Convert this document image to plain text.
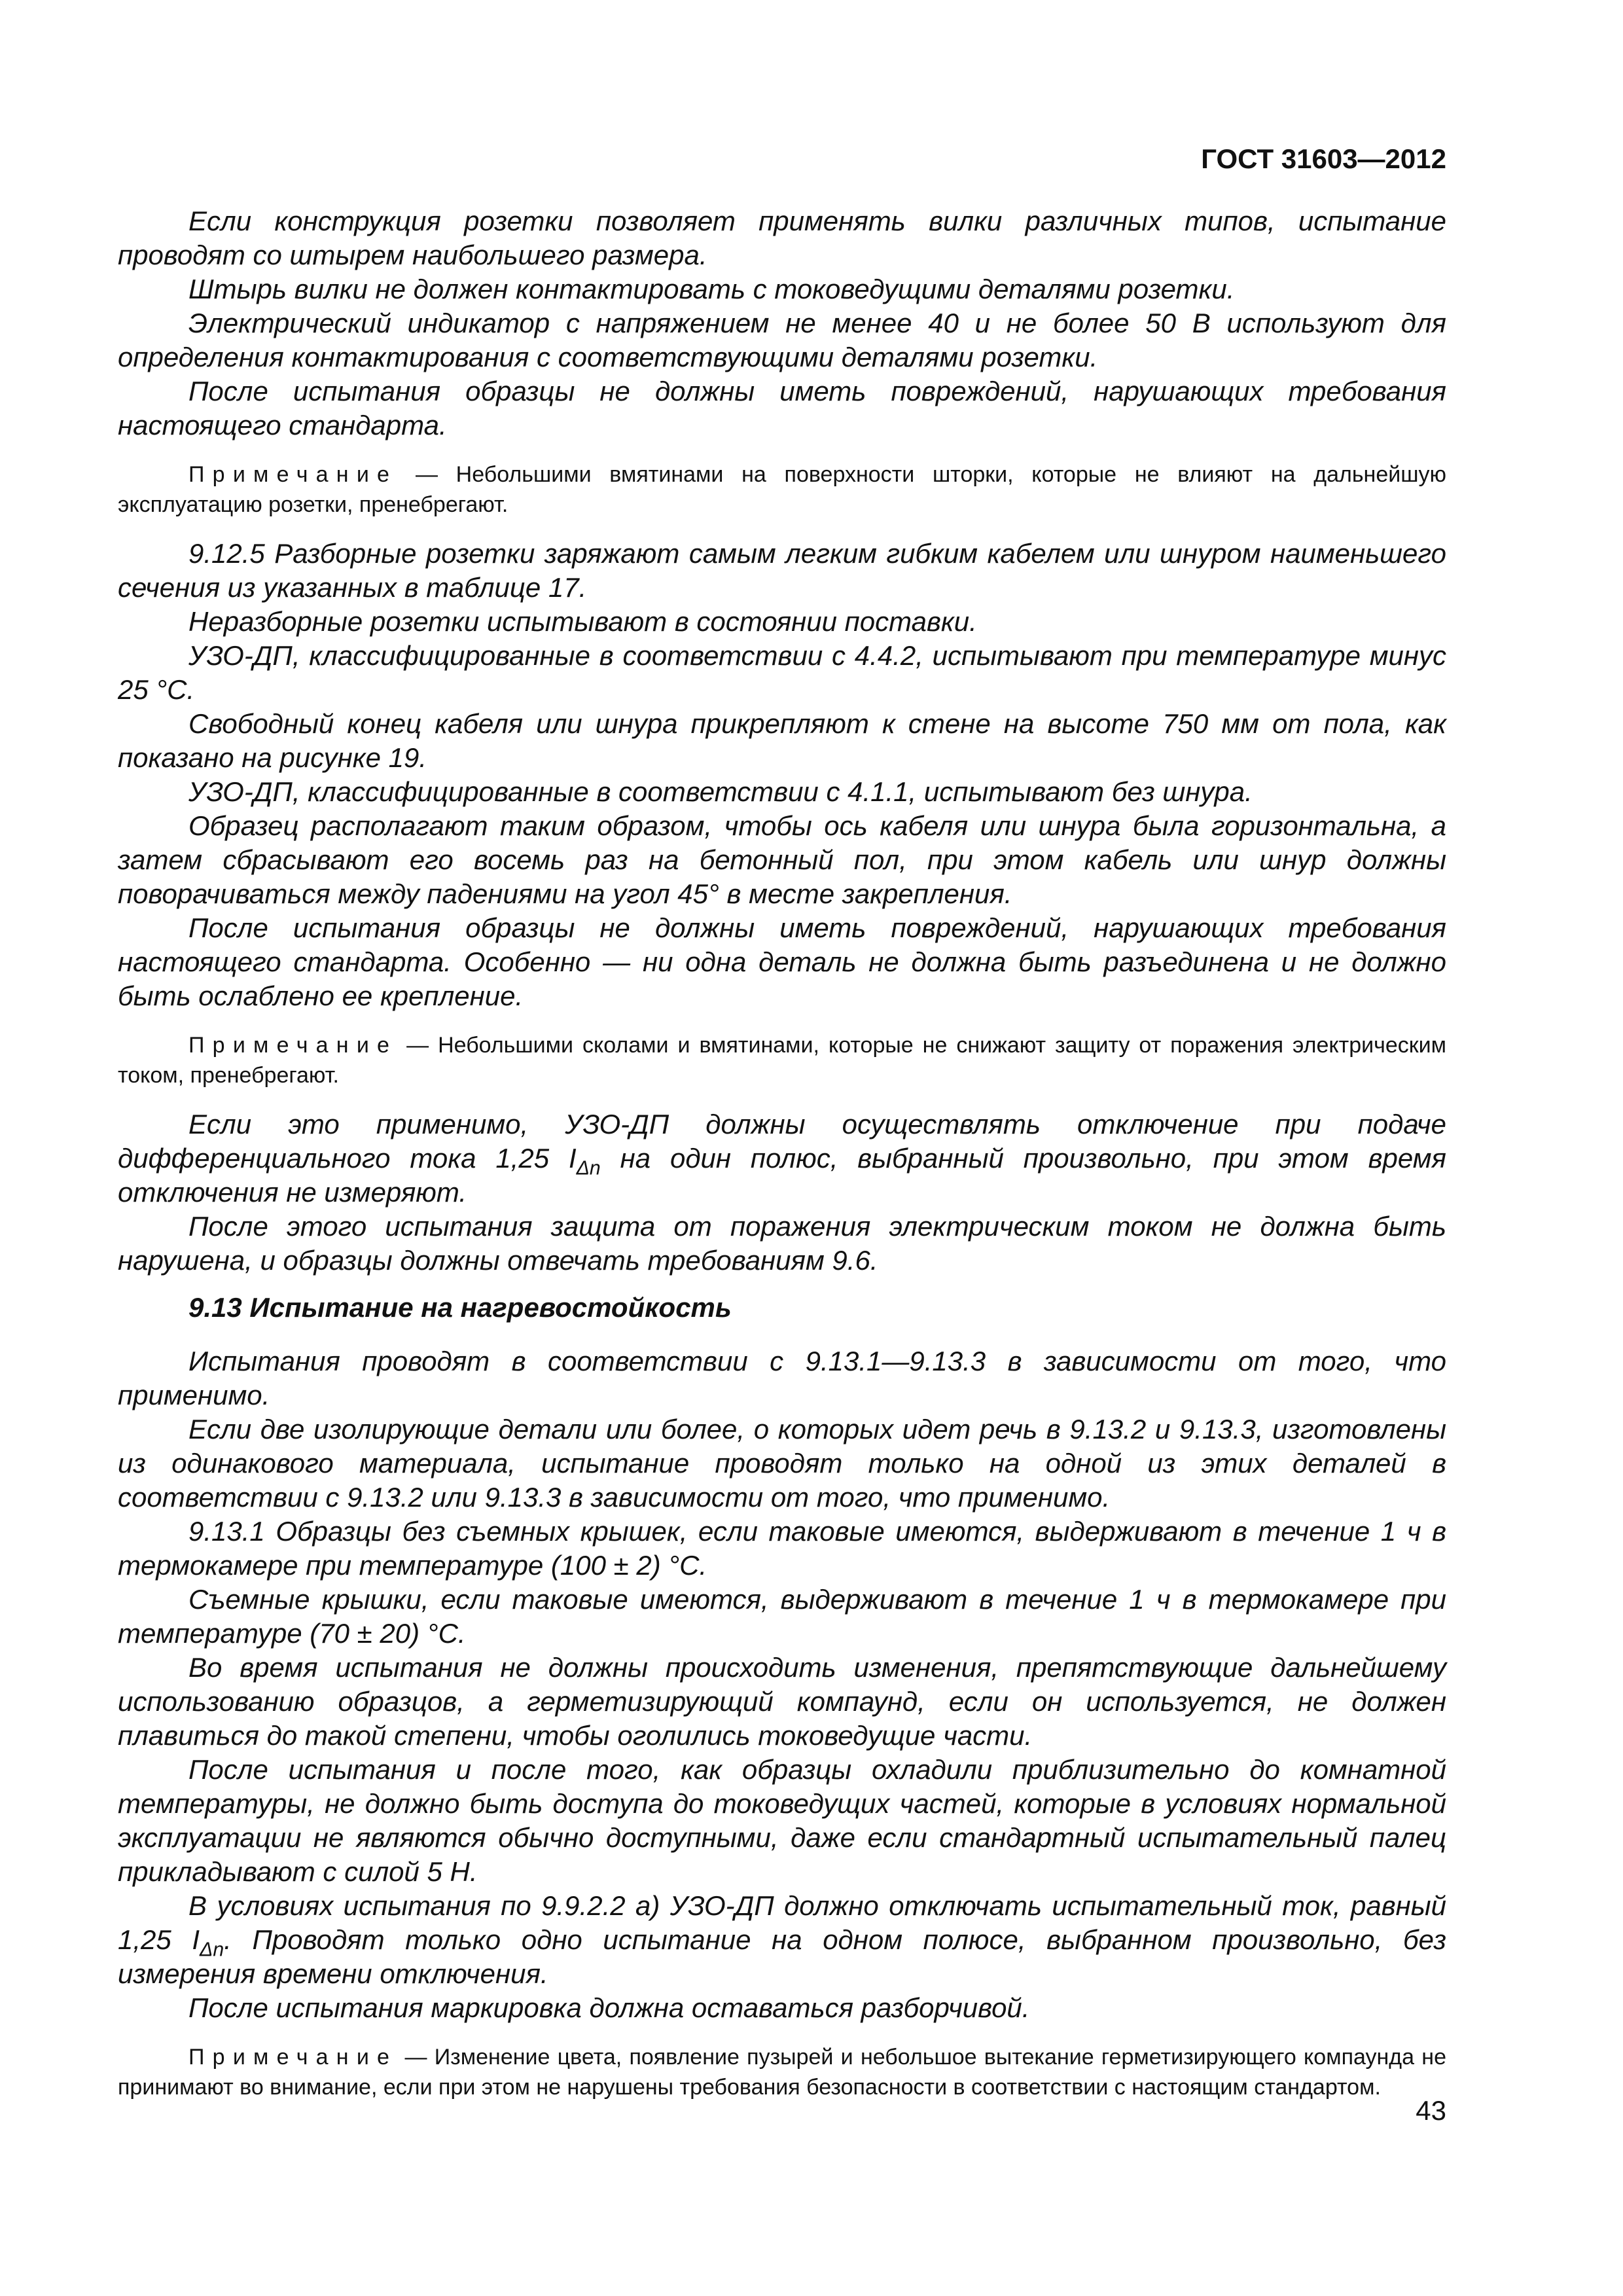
ГОСТ 31603—2012

Если конструкция розетки позволяет применять вилки различных типов, испытание проводят со штырем наибольшего размера.

Штырь вилки не должен контактировать с токоведущими деталями розетки.

Электрический индикатор с напряжением не менее 40 и не более 50 В используют для определения контактирования с соответствующими деталями розетки.

После испытания образцы не должны иметь повреждений, нарушающих требования настоящего стандарта.

Примечание — Небольшими вмятинами на поверхности шторки, которые не влияют на дальнейшую эксплуатацию розетки, пренебрегают.

9.12.5 Разборные розетки заряжают самым легким гибким кабелем или шнуром наименьшего сечения из указанных в таблице 17.

Неразборные розетки испытывают в состоянии поставки.

УЗО-ДП, классифицированные в соответствии с 4.4.2, испытывают при температуре минус 25 °С.

Свободный конец кабеля или шнура прикрепляют к стене на высоте 750 мм от пола, как показано на рисунке 19.

УЗО-ДП, классифицированные в соответствии с 4.1.1, испытывают без шнура.

Образец располагают таким образом, чтобы ось кабеля или шнура была горизонтальна, а затем сбрасывают его восемь раз на бетонный пол, при этом кабель или шнур должны поворачиваться между падениями на угол 45° в месте закрепления.

После испытания образцы не должны иметь повреждений, нарушающих требования настоящего стандарта. Особенно — ни одна деталь не должна быть разъединена и не должно быть ослаблено ее крепление.

Примечание — Небольшими сколами и вмятинами, которые не снижают защиту от поражения электрическим током, пренебрегают.

Если это применимо, УЗО-ДП должны осуществлять отключение при подаче дифференциального тока 1,25 $I_{\Delta n}$ на один полюс, выбранный произвольно, при этом время отключения не измеряют.

После этого испытания защита от поражения электрическим током не должна быть нарушена, и образцы должны отвечать требованиям 9.6.

9.13 Испытание на нагревостойкость

Испытания проводят в соответствии с 9.13.1—9.13.3 в зависимости от того, что применимо.

Если две изолирующие детали или более, о которых идет речь в 9.13.2 и 9.13.3, изготовлены из одинакового материала, испытание проводят только на одной из этих деталей в соответствии с 9.13.2 или 9.13.3 в зависимости от того, что применимо.

9.13.1 Образцы без съемных крышек, если таковые имеются, выдерживают в течение 1 ч в термокамере при температуре (100 ± 2) °С.

Съемные крышки, если таковые имеются, выдерживают в течение 1 ч в термокамере при температуре (70 ± 20) °С.

Во время испытания не должны происходить изменения, препятствующие дальнейшему использованию образцов, а герметизирующий компаунд, если он используется, не должен плавиться до такой степени, чтобы оголились токоведущие части.

После испытания и после того, как образцы охладили приблизительно до комнатной температуры, не должно быть доступа до токоведущих частей, которые в условиях нормальной эксплуатации не являются обычно доступными, даже если стандартный испытательный палец прикладывают с силой 5 Н.

В условиях испытания по 9.9.2.2 а) УЗО-ДП должно отключать испытательный ток, равный 1,25 $I_{\Delta n}$. Проводят только одно испытание на одном полюсе, выбранном произвольно, без измерения времени отключения.

После испытания маркировка должна оставаться разборчивой.

Примечание — Изменение цвета, появление пузырей и небольшое вытекание герметизирующего компаунда не принимают во внимание, если при этом не нарушены требования безопасности в соответствии с настоящим стандартом.

43
